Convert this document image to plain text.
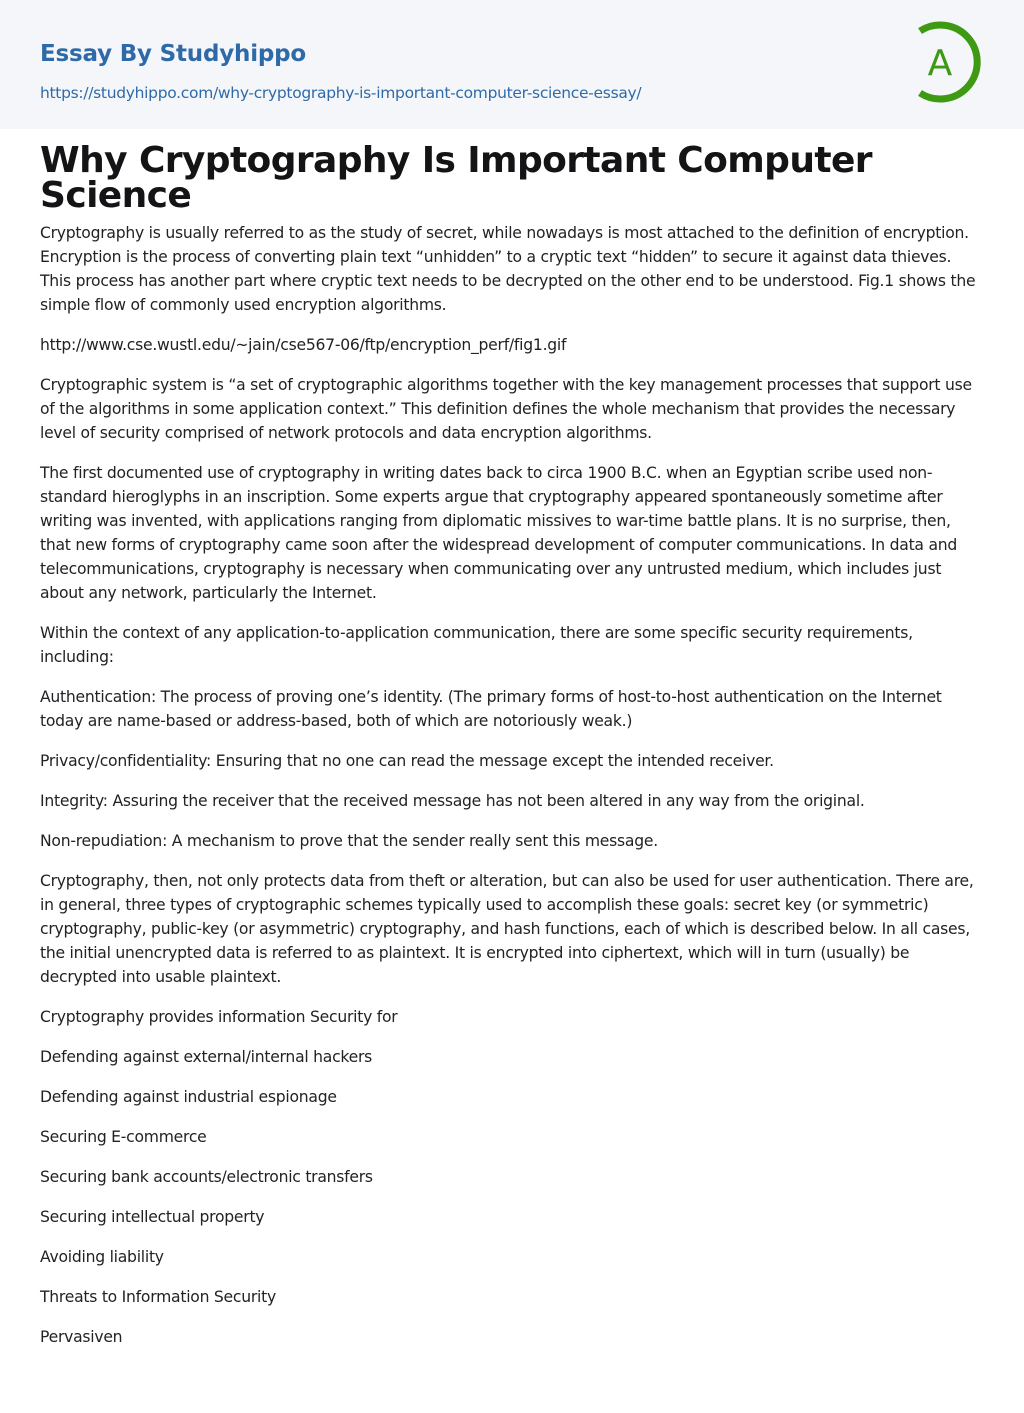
Essay By Studyhippo
https://studyhippo.com/why-cryptography-is-important-computer-science-essay/
A
Why Cryptography Is Important Computer Science

Cryptography is usually referred to as the study of secret, while nowadays is most attached to the definition of encryption. Encryption is the process of converting plain text “unhidden” to a cryptic text “hidden” to secure it against data thieves. This process has another part where cryptic text needs to be decrypted on the other end to be understood. Fig.1 shows the simple flow of commonly used encryption algorithms.

http://www.cse.wustl.edu/~jain/cse567-06/ftp/encryption_perf/fig1.gif

Cryptographic system is “a set of cryptographic algorithms together with the key management processes that support use of the algorithms in some application context.” This definition defines the whole mechanism that provides the necessary level of security comprised of network protocols and data encryption algorithms.

The first documented use of cryptography in writing dates back to circa 1900 B.C. when an Egyptian scribe used non-standard hieroglyphs in an inscription. Some experts argue that cryptography appeared spontaneously sometime after writing was invented, with applications ranging from diplomatic missives to war-time battle plans. It is no surprise, then, that new forms of cryptography came soon after the widespread development of computer communications. In data and telecommunications, cryptography is necessary when communicating over any untrusted medium, which includes just about any network, particularly the Internet.

Within the context of any application-to-application communication, there are some specific security requirements, including:

Authentication: The process of proving one’s identity. (The primary forms of host-to-host authentication on the Internet today are name-based or address-based, both of which are notoriously weak.)

Privacy/confidentiality: Ensuring that no one can read the message except the intended receiver.

Integrity: Assuring the receiver that the received message has not been altered in any way from the original.

Non-repudiation: A mechanism to prove that the sender really sent this message.

Cryptography, then, not only protects data from theft or alteration, but can also be used for user authentication. There are, in general, three types of cryptographic schemes typically used to accomplish these goals: secret key (or symmetric) cryptography, public-key (or asymmetric) cryptography, and hash functions, each of which is described below. In all cases, the initial unencrypted data is referred to as plaintext. It is encrypted into ciphertext, which will in turn (usually) be decrypted into usable plaintext.

Cryptography provides information Security for

Defending against external/internal hackers

Defending against industrial espionage

Securing E-commerce

Securing bank accounts/electronic transfers

Securing intellectual property

Avoiding liability

Threats to Information Security

Pervasiven
